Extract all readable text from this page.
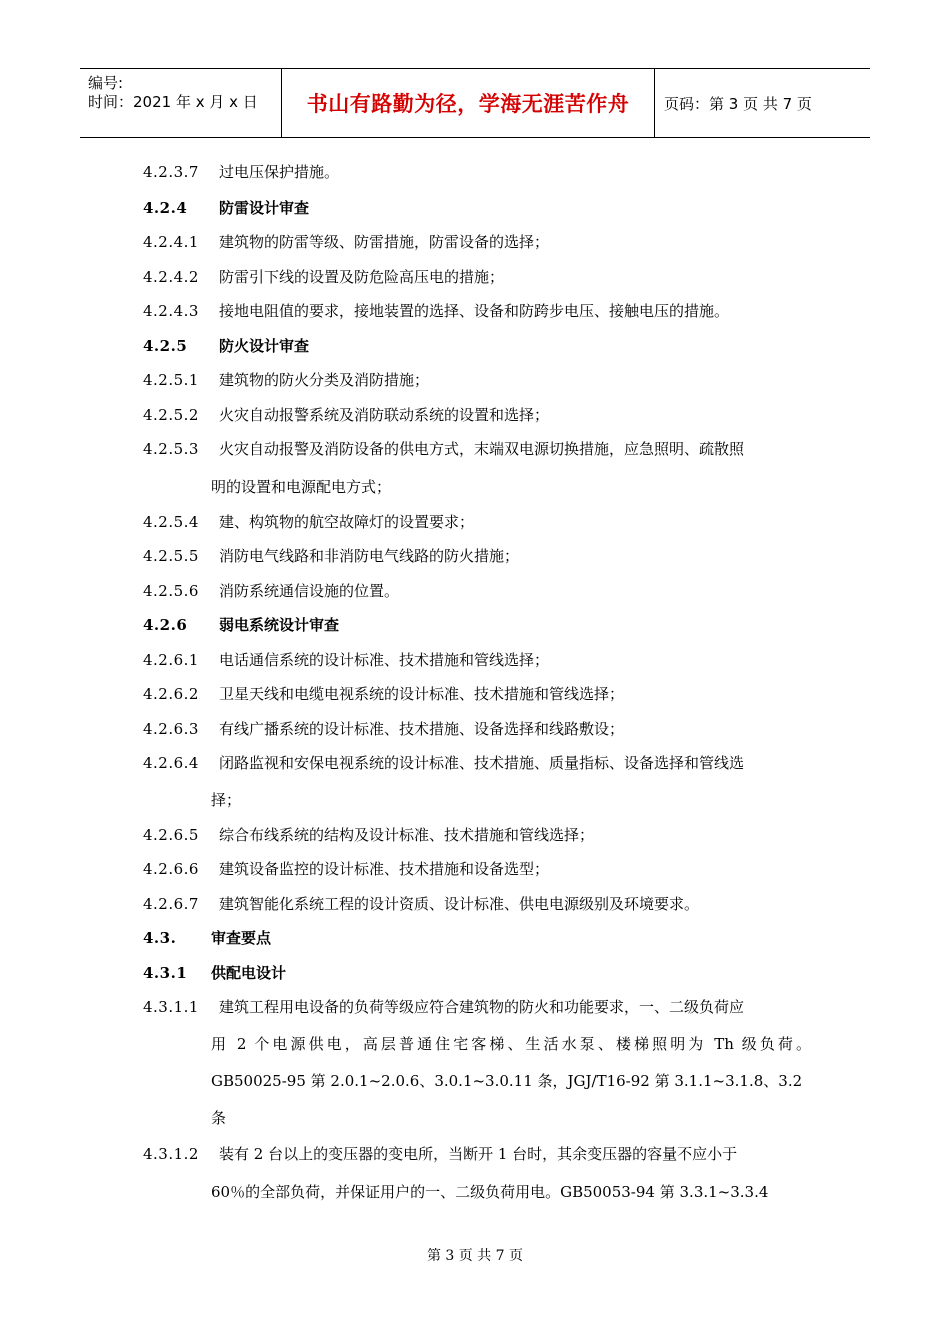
编号:
时间：2021 年 x 月 x 日 书山有路勤为径，学海无涯苦作舟	页码：第 3 页 共 7 页
4.2.3.7 过电压保护措施。
4.2.4 防雷设计审查
4.2.4.1 建筑物的防雷等级、防雷措施，防雷设备的选择；
4.2.4.2 防雷引下线的设置及防危险高压电的措施；
4.2.4.3 接地电阻值的要求，接地装置的选择、设备和防跨步电压、接触电压的措施。
4.2.5 防火设计审查
4.2.5.1 建筑物的防火分类及消防措施；
4.2.5.2 火灾自动报警系统及消防联动系统的设置和选择；
4.2.5.3 火灾自动报警及消防设备的供电方式，末端双电源切换措施，应急照明、疏散照
明的设置和电源配电方式；
4.2.5.4 建、构筑物的航空故障灯的设置要求；
4.2.5.5 消防电气线路和非消防电气线路的防火措施；
4.2.5.6 消防系统通信设施的位置。
4.2.6 弱电系统设计审查
4.2.6.1 电话通信系统的设计标准、技术措施和管线选择；
4.2.6.2 卫星天线和电缆电视系统的设计标准、技术措施和管线选择；
4.2.6.3 有线广播系统的设计标准、技术措施、设备选择和线路敷设；
4.2.6.4 闭路监视和安保电视系统的设计标准、技术措施、质量指标、设备选择和管线选
择；
4.2.6.5 综合布线系统的结构及设计标准、技术措施和管线选择；
4.2.6.6 建筑设备监控的设计标准、技术措施和设备选型；
4.2.6.7 建筑智能化系统工程的设计资质、设计标准、供电电源级别及环境要求。
4.3. 审查要点
4.3.1 供配电设计
4.3.1.1 建筑工程用电设备的负荷等级应符合建筑物的防火和功能要求，一、二级负荷应
用 2 个电源供电，高层普通住宅客梯、生活水泵、楼梯照明为 Th 级负荷。
GB50025-95 第 2.0.1~2.0.6、3.0.1~3.0.11 条，JGJ/T16-92 第 3.1.1~3.1.8、3.2
条
4.3.1.2 装有 2 台以上的变压器的变电所，当断开 1 台时，其余变压器的容量不应小于
60％的全部负荷，并保证用户的一、二级负荷用电。GB50053-94 第 3.3.1~3.3.4
第 3 页 共 7 页
